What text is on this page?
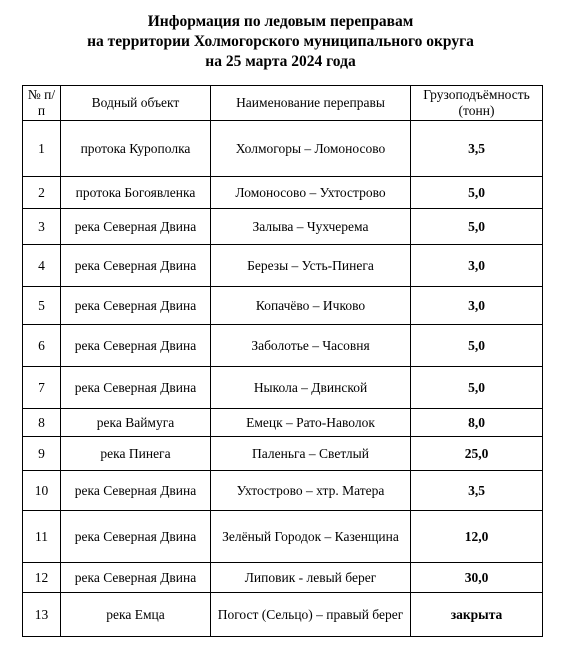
Информация по ледовым переправам
на территории Холмогорского муниципального округа
на 25 марта 2024 года
№ п/п	Водный объект	Наименование переправы	Грузоподъёмность (тонн)
1	протока Курополка	Холмогоры – Ломоносово	3,5
2	протока Богоявленка	Ломоносово – Ухтострово	5,0
3	река Северная Двина	Залыва – Чухчерема	5,0
4	река Северная Двина	Березы – Усть-Пинега	3,0
5	река Северная Двина	Копачёво – Ичково	3,0
6	река Северная Двина	Заболотье – Часовня	5,0
7	река Северная Двина	Ныкола – Двинской	5,0
8	река Ваймуга	Емецк – Рато-Наволок	8,0
9	река Пинега	Паленьга – Светлый	25,0
10	река Северная Двина	Ухтострово – хтр. Матера	3,5
11	река Северная Двина	Зелёный Городок – Казенщина	12,0
12	река Северная Двина	Липовик - левый берег	30,0
13	река Емца	Погост (Сельцо) – правый берег	закрыта
